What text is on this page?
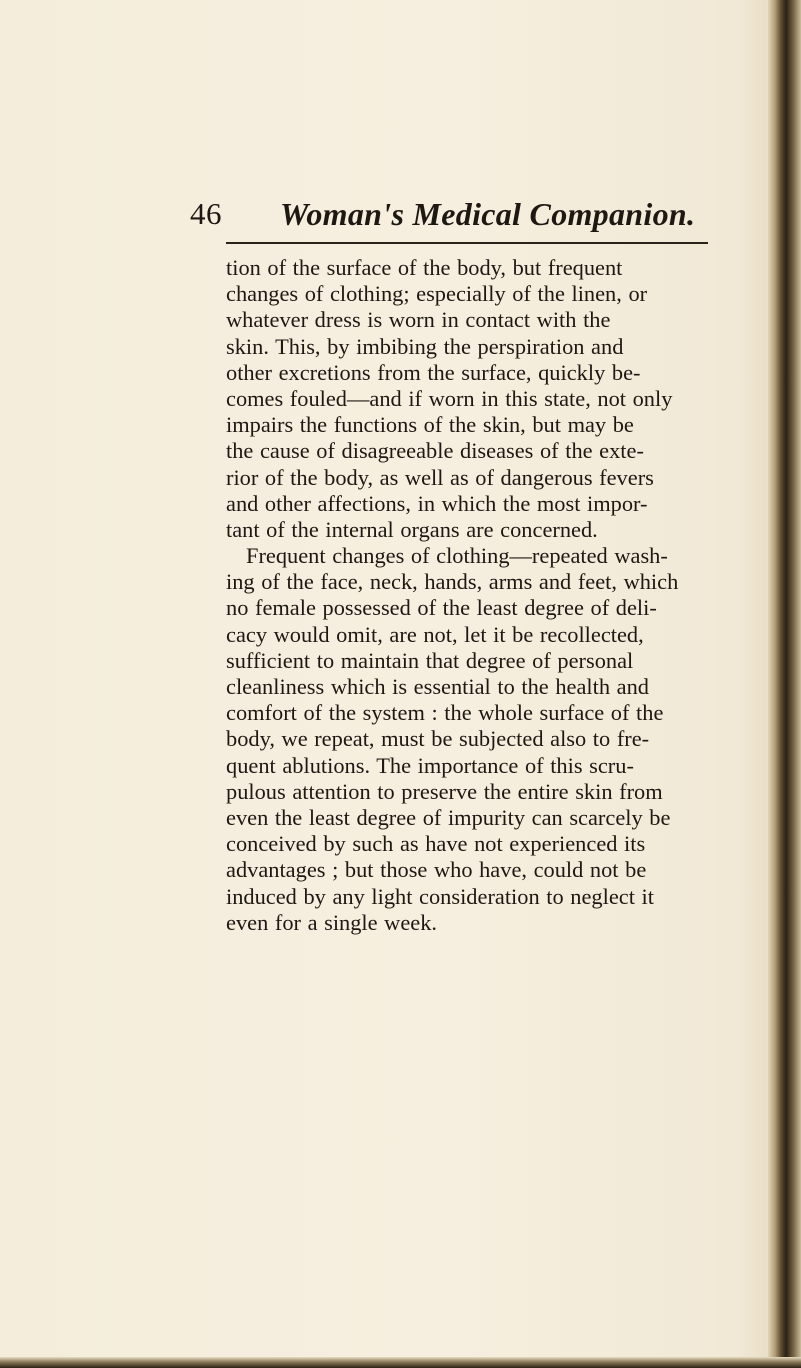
46 Woman's Medical Companion.
tion of the surface of the body, but frequent
changes of clothing; especially of the linen, or
whatever dress is worn in contact with the
skin. This, by imbibing the perspiration and
other excretions from the surface, quickly be-
comes fouled—and if worn in this state, not only
impairs the functions of the skin, but may be
the cause of disagreeable diseases of the exte-
rior of the body, as well as of dangerous fevers
and other affections, in which the most impor-
tant of the internal organs are concerned.
Frequent changes of clothing—repeated wash-
ing of the face, neck, hands, arms and feet, which
no female possessed of the least degree of deli-
cacy would omit, are not, let it be recollected,
sufficient to maintain that degree of personal
cleanliness which is essential to the health and
comfort of the system : the whole surface of the
body, we repeat, must be subjected also to fre-
quent ablutions. The importance of this scru-
pulous attention to preserve the entire skin from
even the least degree of impurity can scarcely be
conceived by such as have not experienced its
advantages ; but those who have, could not be
induced by any light consideration to neglect it
even for a single week.
